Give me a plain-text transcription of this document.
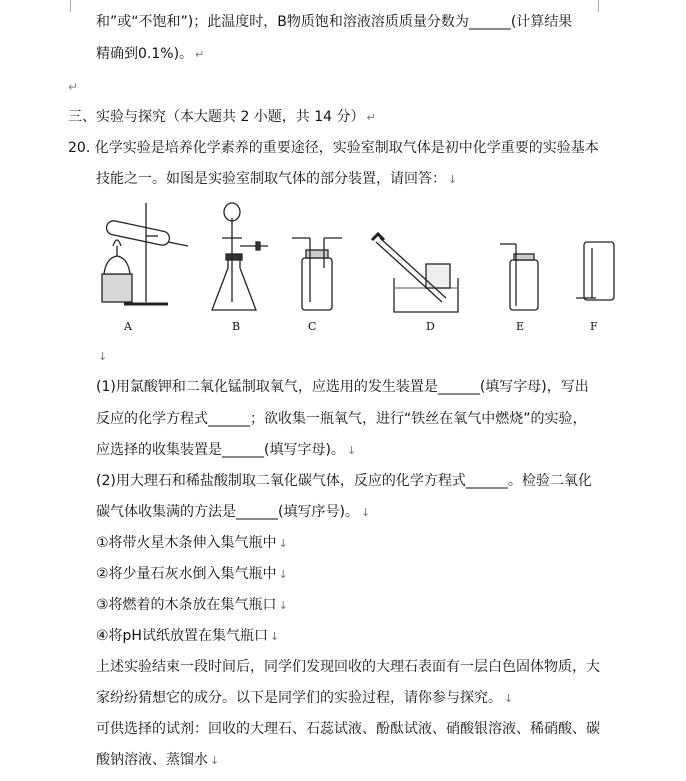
和”或“不饱和”)；此温度时，B物质饱和溶液溶质质量分数为______(计算结果
精确到0.1%)。 ↵
↵
三、实验与探究（本大题共 2 小题，共 14 分） ↵
20. 化学实验是培养化学素养的重要途径，实验室制取气体是初中化学重要的实验基本
技能之一。如图是实验室制取气体的部分装置，请回答： ↓
A	B	C	D	E	F
↓
(1)用氯酸钾和二氧化锰制取氧气，应选用的发生装置是______(填写字母)，写出
反应的化学方程式______；欲收集一瓶氧气，进行“铁丝在氧气中燃烧”的实验，
应选择的收集装置是______(填写字母)。 ↓
(2)用大理石和稀盐酸制取二氧化碳气体，反应的化学方程式______。检验二氧化
碳气体收集满的方法是______(填写序号)。 ↓
①将带火星木条伸入集气瓶中 ↓
②将少量石灰水倒入集气瓶中 ↓
③将燃着的木条放在集气瓶口 ↓
④将pH试纸放置在集气瓶口 ↓
上述实验结束一段时间后，同学们发现回收的大理石表面有一层白色固体物质，大
家纷纷猜想它的成分。以下是同学们的实验过程，请你参与探究。 ↓
可供选择的试剂：回收的大理石、石蕊试液、酚酞试液、硝酸银溶液、稀硝酸、碳
酸钠溶液、蒸馏水 ↓
